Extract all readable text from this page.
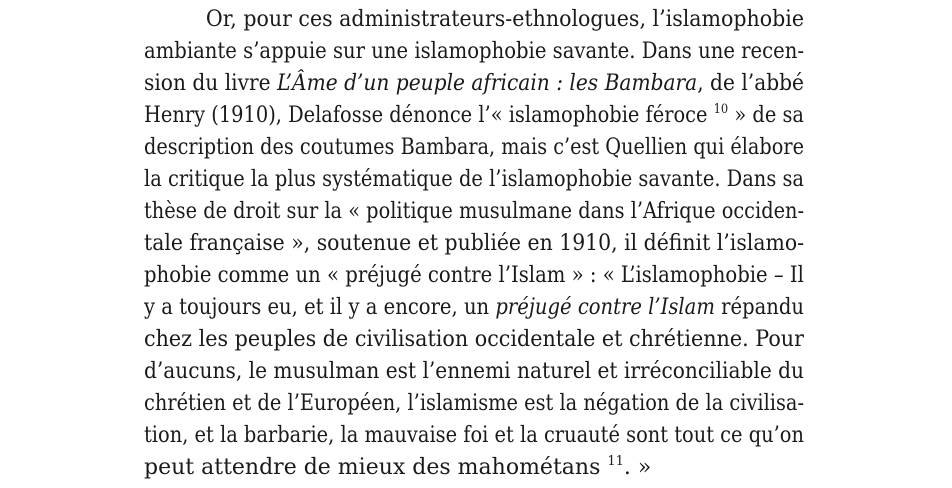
Or, pour ces administrateurs-ethnologues, l’islamophobie
ambiante s’appuie sur une islamophobie savante. Dans une recen-
sion du livre L’Âme d’un peuple africain : les Bambara, de l’abbé
Henry (1910), Delafosse dénonce l’« islamophobie féroce $^{10}$ » de sa
description des coutumes Bambara, mais c’est Quellien qui élabore
la critique la plus systématique de l’islamophobie savante. Dans sa
thèse de droit sur la « politique musulmane dans l’Afrique occiden-
tale française », soutenue et publiée en 1910, il définit l’islamo-
phobie comme un « préjugé contre l’Islam » : « L’islamophobie – Il
y a toujours eu, et il y a encore, un préjugé contre l’Islam répandu
chez les peuples de civilisation occidentale et chrétienne. Pour
d’aucuns, le musulman est l’ennemi naturel et irréconciliable du
chrétien et de l’Européen, l’islamisme est la négation de la civilisa-
tion, et la barbarie, la mauvaise foi et la cruauté sont tout ce qu’on
peut attendre de mieux des mahométans $^{11}$. »
